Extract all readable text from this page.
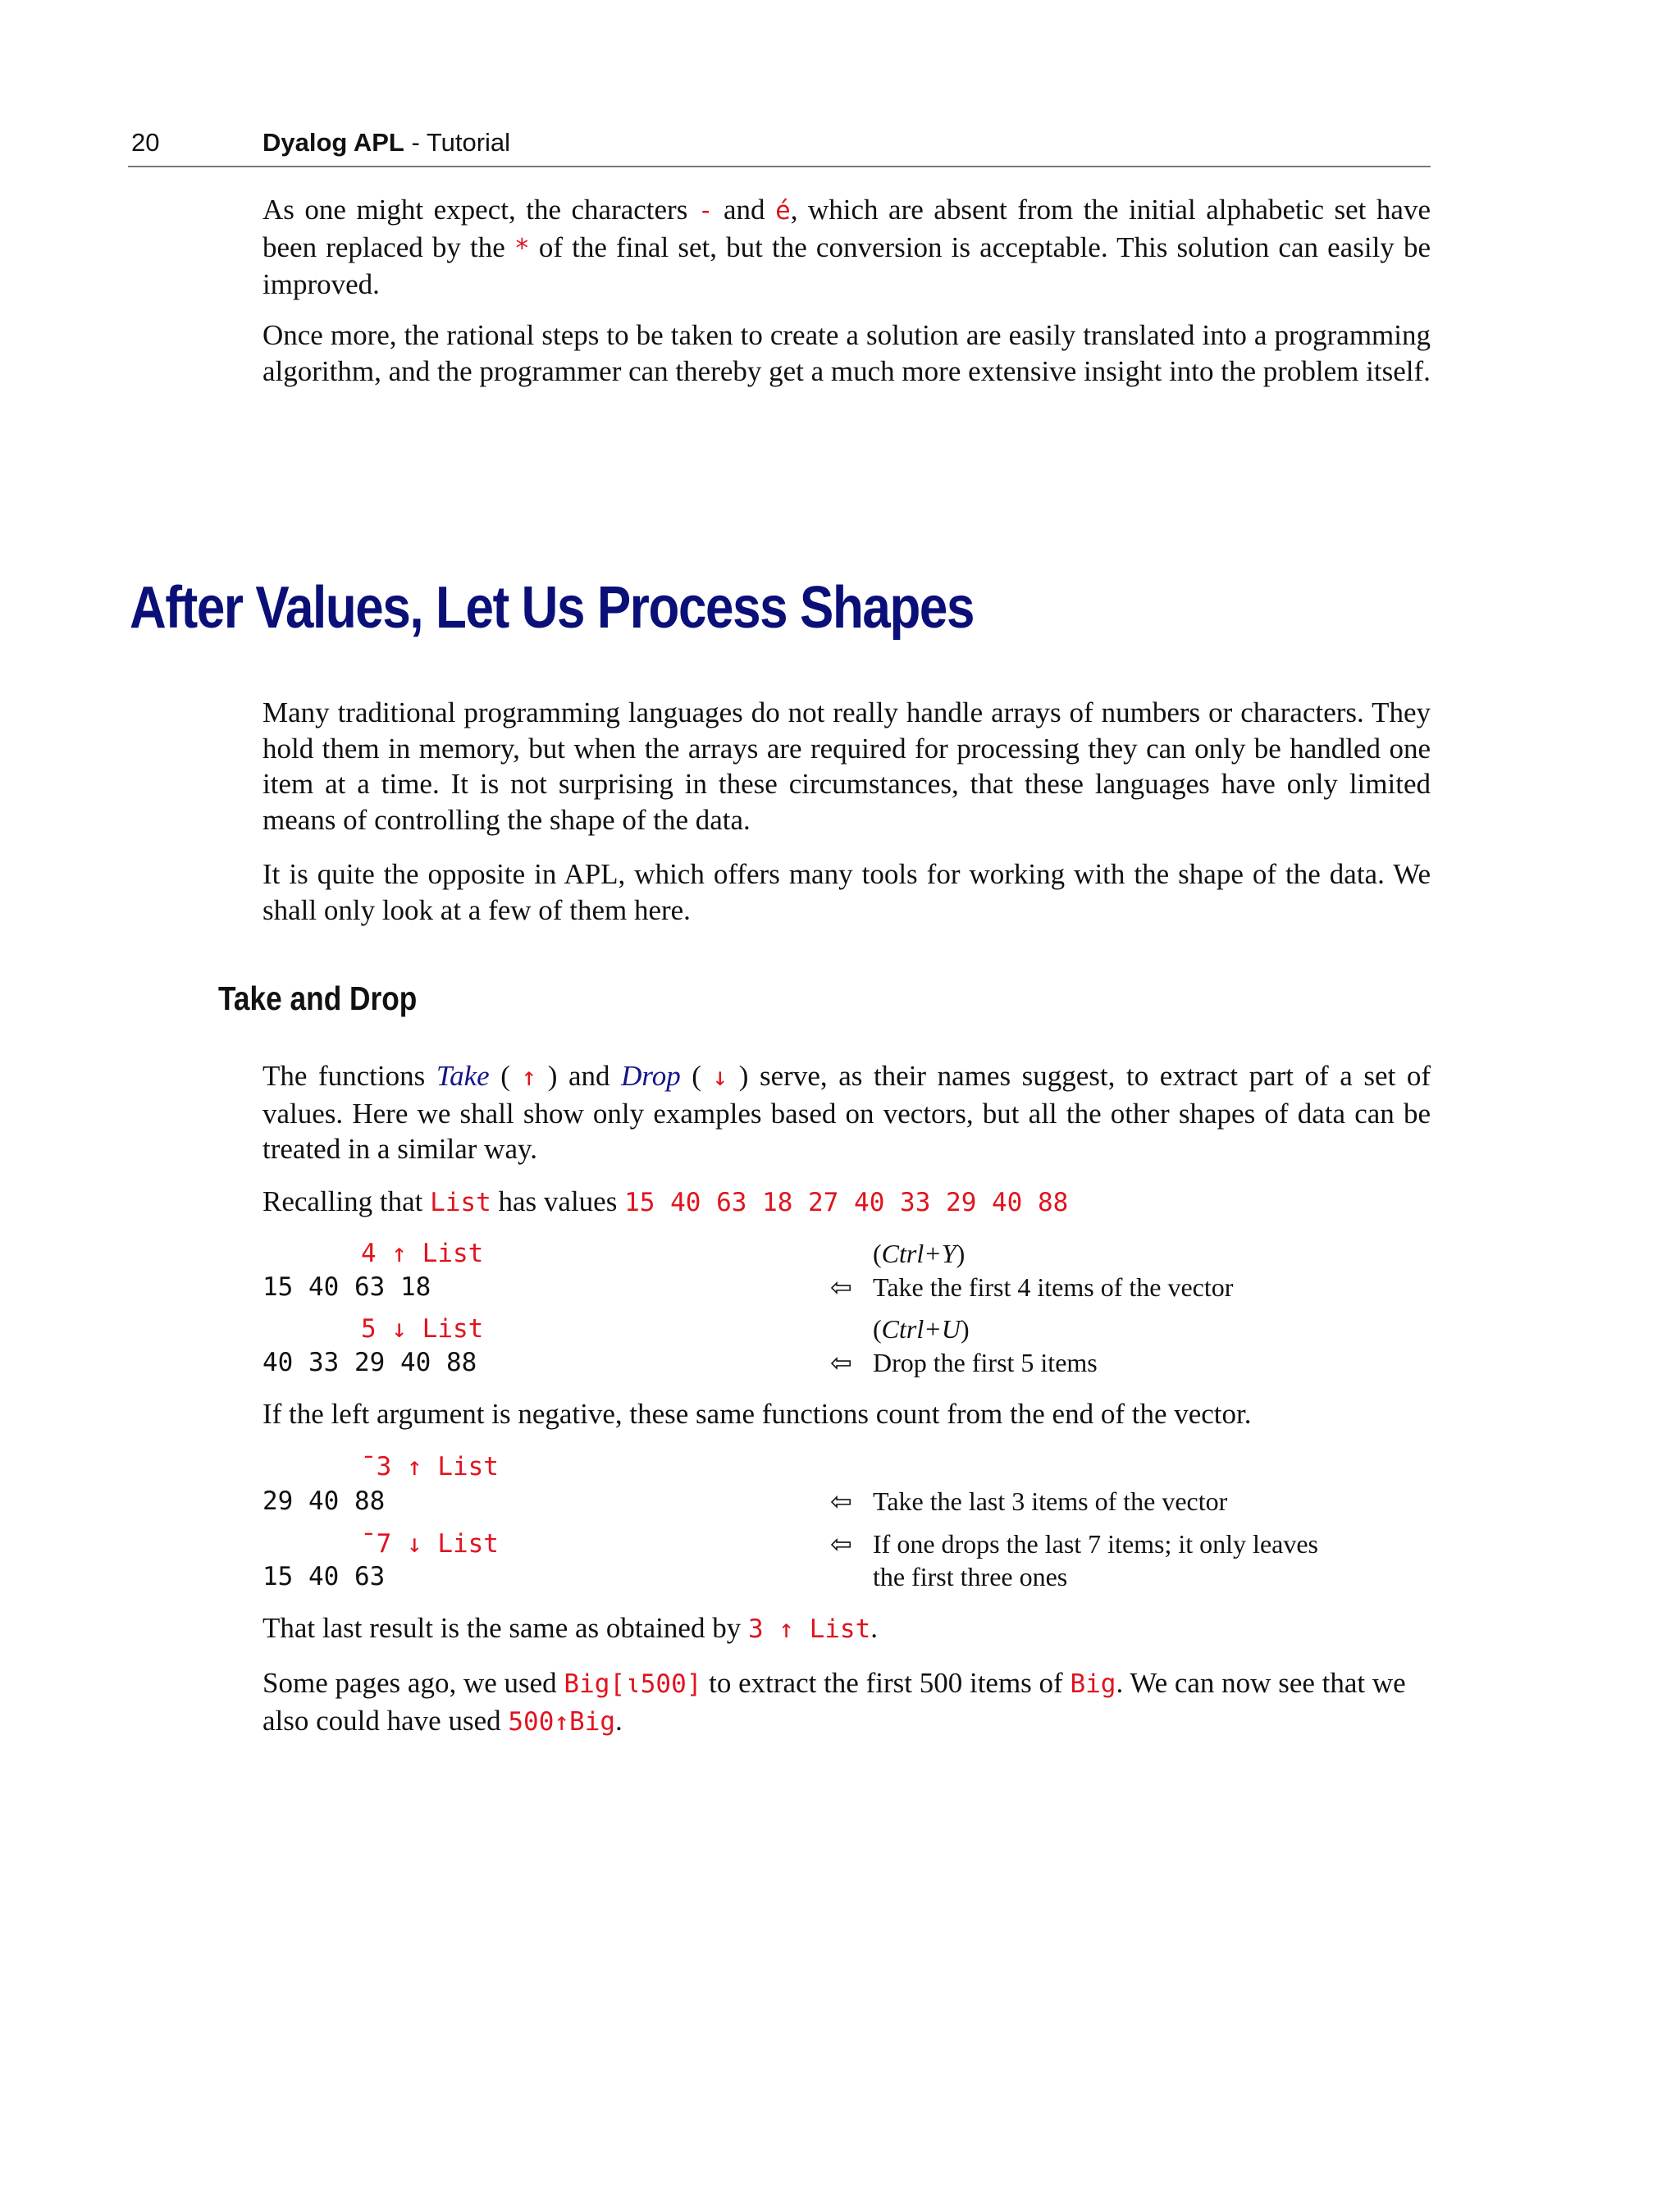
20	Dyalog APL - Tutorial

As one might expect, the characters - and é, which are absent from the initial alphabetic set have been replaced by the * of the final set, but the conversion is acceptable. This solution can easily be improved.

Once more, the rational steps to be taken to create a solution are easily translated into a programming algorithm, and the programmer can thereby get a much more extensive insight into the problem itself.

After Values, Let Us Process Shapes

Many traditional programming languages do not really handle arrays of numbers or characters. They hold them in memory, but when the arrays are required for processing they can only be handled one item at a time. It is not surprising in these circumstances, that these languages have only limited means of controlling the shape of the data.

It is quite the opposite in APL, which offers many tools for working with the shape of the data. We shall only look at a few of them here.

Take and Drop

The functions Take ( ↑ ) and Drop ( ↓ ) serve, as their names suggest, to extract part of a set of values. Here we shall show only examples based on vectors, but all the other shapes of data can be treated in a similar way.

Recalling that List has values 15 40 63 18 27 40 33 29 40 88

4 ↑ List	(Ctrl+Y)
15 40 63 18	⇦ Take the first 4 items of the vector
5 ↓ List	(Ctrl+U)
40 33 29 40 88	⇦ Drop the first 5 items

If the left argument is negative, these same functions count from the end of the vector.

¯3 ↑ List
29 40 88	⇦ Take the last 3 items of the vector
¯7 ↓ List	⇦ If one drops the last 7 items; it only leaves
15 40 63	the first three ones

That last result is the same as obtained by 3 ↑ List.

Some pages ago, we used Big[⍳500] to extract the first 500 items of Big. We can now see that we also could have used 500↑Big.
